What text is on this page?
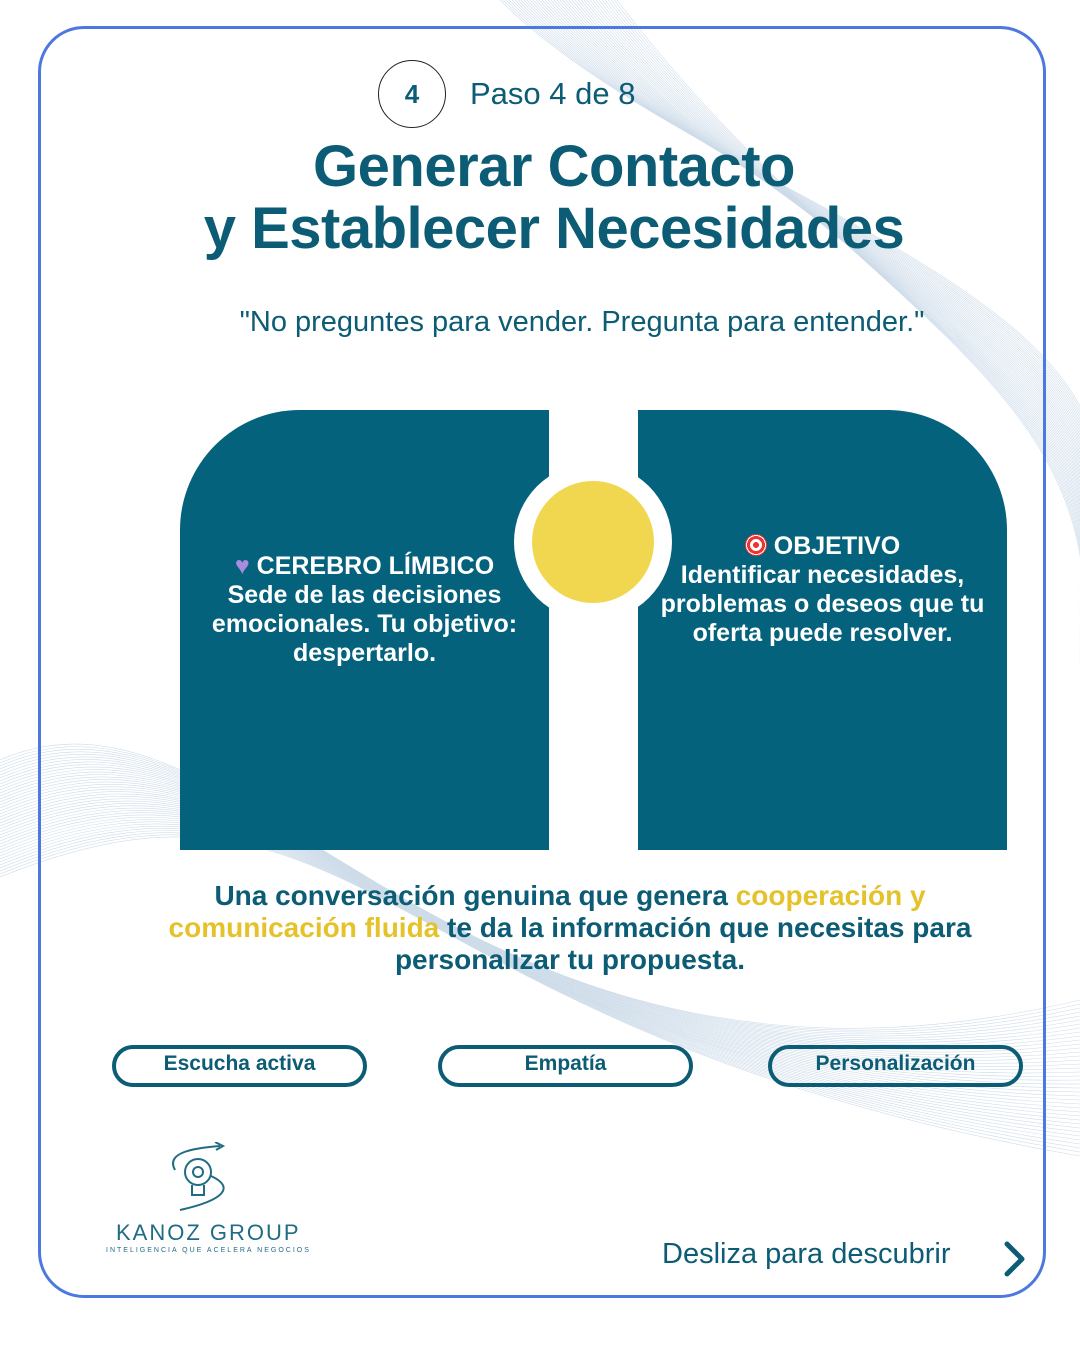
4	Paso 4 de 8
Generar Contacto
y Establecer Necesidades
"No preguntes para vender. Pregunta para entender."
♥ CEREBRO LÍMBICO
Sede de las decisiones emocionales. Tu objetivo: despertarlo.
OBJETIVO
Identificar necesidades, problemas o deseos que tu oferta puede resolver.
Una conversación genuina que genera cooperación y comunicación fluida te da la información que necesitas para personalizar tu propuesta.
Escucha activa	Empatía	Personalización
KANOZ GROUP
INTELIGENCIA QUE ACELERA NEGOCIOS	Desliza para descubrir
